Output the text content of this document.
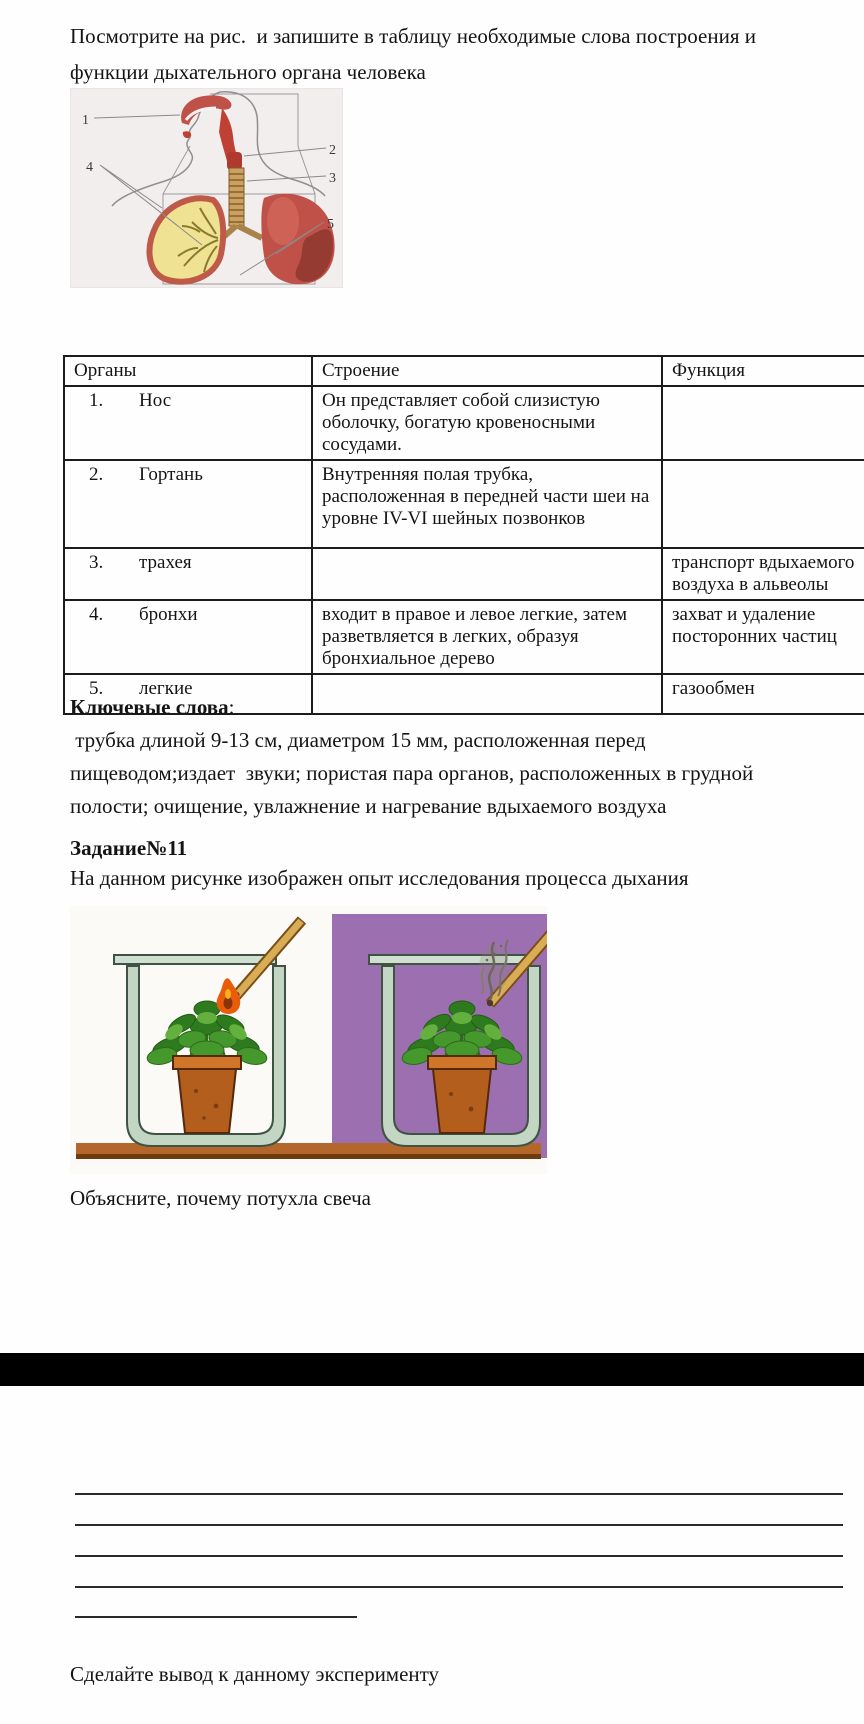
Посмотрите на рис.  и запишите в таблицу необходимые слова построения и функции дыхательного органа человека
1
2
3
4
5
Органы	Строение	Функция
1. Нос	Он представляет собой слизистую оболочку, богатую кровеносными сосудами.	
2. Гортань	Внутренняя полая трубка, расположенная в передней части шеи на уровне IV-VI шейных позвонков	
3. трахея		транспорт вдыхаемого воздуха в альвеолы
4. бронхи	входит в правое и левое легкие, затем разветвляется в легких, образуя бронхиальное дерево	захват и удаление посторонних частиц
5. легкие		газообмен
Ключевые слова:
трубка длиной 9-13 см, диаметром 15 мм, расположенная перед пищеводом;издает  звуки; пористая пара органов, расположенных в грудной полости; очищение, увлажнение и нагревание вдыхаемого воздуха
Задание№11
На данном рисунке изображен опыт исследования процесса дыхания
Объясните, почему потухла свеча
Сделайте вывод к данному эксперименту
